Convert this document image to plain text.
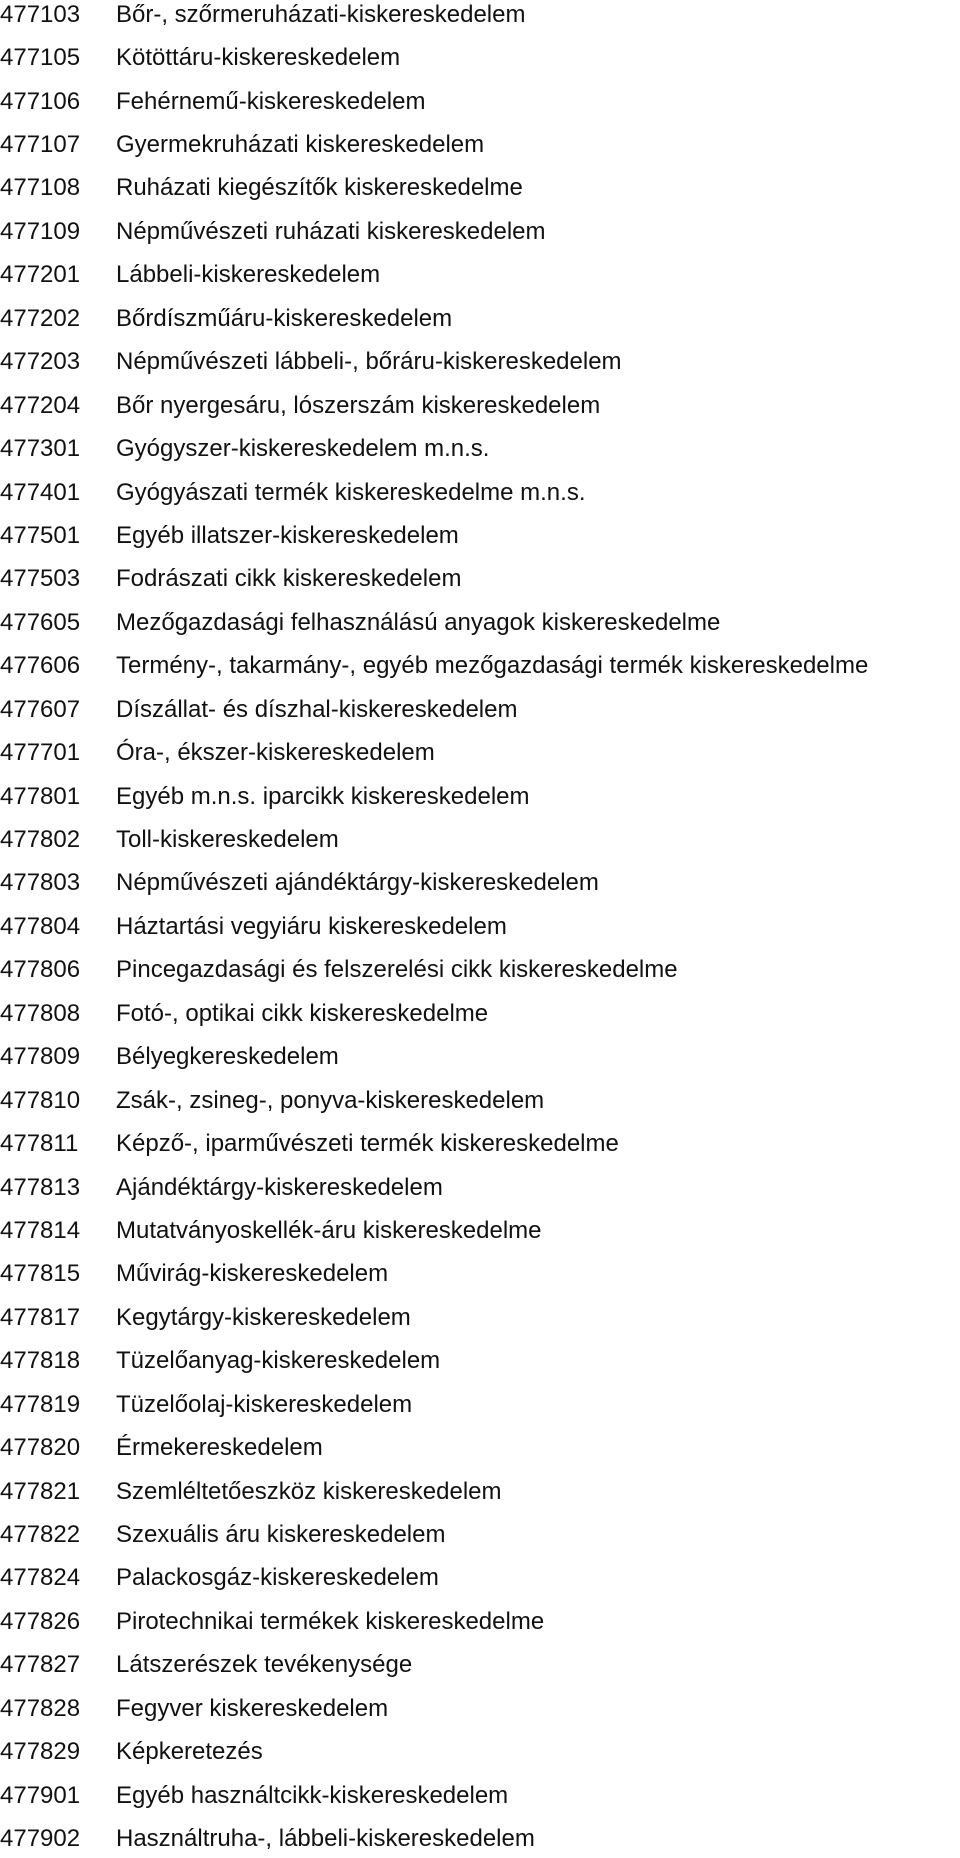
477103	Bőr-, szőrmeruházati-kiskereskedelem
477105	Kötöttáru-kiskereskedelem
477106	Fehérnemű-kiskereskedelem
477107	Gyermekruházati kiskereskedelem
477108	Ruházati kiegészítők kiskereskedelme
477109	Népművészeti ruházati kiskereskedelem
477201	Lábbeli-kiskereskedelem
477202	Bőrdíszműáru-kiskereskedelem
477203	Népművészeti lábbeli-, bőráru-kiskereskedelem
477204	Bőr nyergesáru, lószerszám kiskereskedelem
477301	Gyógyszer-kiskereskedelem m.n.s.
477401	Gyógyászati termék kiskereskedelme m.n.s.
477501	Egyéb illatszer-kiskereskedelem
477503	Fodrászati cikk kiskereskedelem
477605	Mezőgazdasági felhasználású anyagok kiskereskedelme
477606	Termény-, takarmány-, egyéb mezőgazdasági termék kiskereskedelme
477607	Díszállat- és díszhal-kiskereskedelem
477701	Óra-, ékszer-kiskereskedelem
477801	Egyéb m.n.s. iparcikk kiskereskedelem
477802	Toll-kiskereskedelem
477803	Népművészeti ajándéktárgy-kiskereskedelem
477804	Háztartási vegyiáru kiskereskedelem
477806	Pincegazdasági és felszerelési cikk kiskereskedelme
477808	Fotó-, optikai cikk kiskereskedelme
477809	Bélyegkereskedelem
477810	Zsák-, zsineg-, ponyva-kiskereskedelem
477811	Képző-, iparművészeti termék kiskereskedelme
477813	Ajándéktárgy-kiskereskedelem
477814	Mutatványoskellék-áru kiskereskedelme
477815	Művirág-kiskereskedelem
477817	Kegytárgy-kiskereskedelem
477818	Tüzelőanyag-kiskereskedelem
477819	Tüzelőolaj-kiskereskedelem
477820	Érmekereskedelem
477821	Szemléltetőeszköz kiskereskedelem
477822	Szexuális áru kiskereskedelem
477824	Palackosgáz-kiskereskedelem
477826	Pirotechnikai termékek kiskereskedelme
477827	Látszerészek tevékenysége
477828	Fegyver kiskereskedelem
477829	Képkeretezés
477901	Egyéb használtcikk-kiskereskedelem
477902	Használtruha-, lábbeli-kiskereskedelem
